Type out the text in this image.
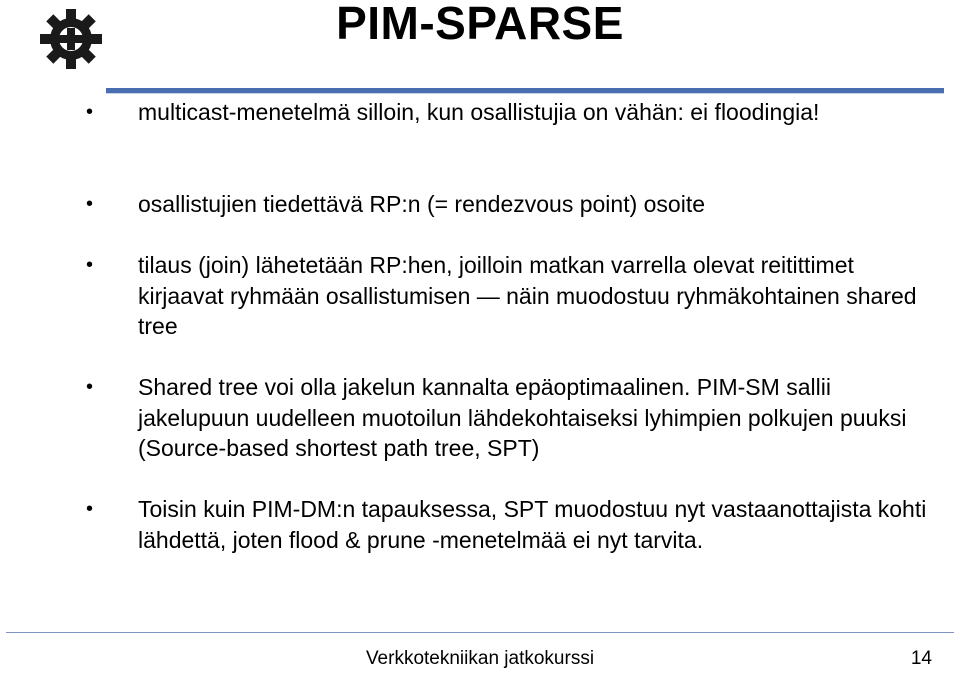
PIM-SPARSE
• multicast-menetelmä silloin, kun osallistujia on vähän: ei floodingia!
• osallistujien tiedettävä RP:n (= rendezvous point) osoite
• tilaus (join) lähetetään RP:hen, joilloin matkan varrella olevat reitittimet kirjaavat ryhmään osallistumisen — näin muodostuu ryhmäkohtainen shared tree
• Shared tree voi olla jakelun kannalta epäoptimaalinen. PIM-SM sallii jakelupuun uudelleen muotoilun lähdekohtaiseksi lyhimpien polkujen puuksi (Source-based shortest path tree, SPT)
• Toisin kuin PIM-DM:n tapauksessa, SPT muodostuu nyt vastaanottajista kohti lähdettä, joten flood & prune -menetelmää ei nyt tarvita.
Verkkotekniikan jatkokurssi	14
